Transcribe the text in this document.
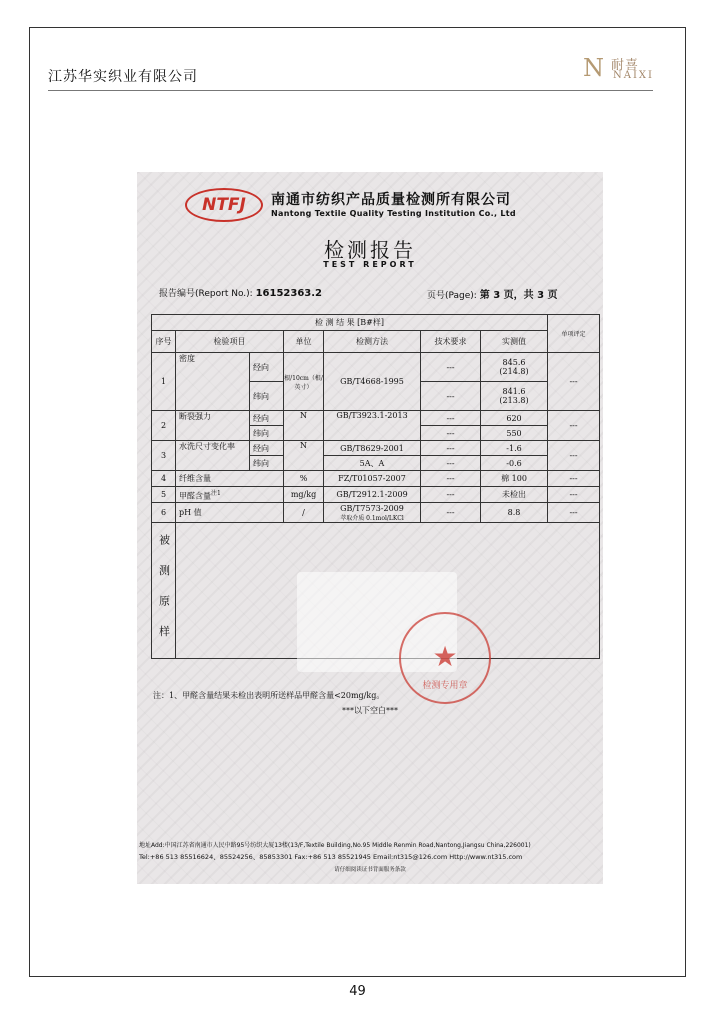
江苏华实织业有限公司	N 耐喜
NAIXI
NTFJ	南通市纺织产品质量检测所有限公司
Nantong Textile Quality Testing Institution Co., Ltd
检测报告
TEST REPORT
报告编号(Report No.): 16152363.2	页号(Page): 第 3 页，共 3 页
检 测 结 果 [B#样]							单项评定
序号	检验项目		单位	检测方法	技术要求	实测值	
1	密度	经向	根/10cm（根/英寸）	GB/T4668-1995	---	845.6
(214.8)	---
		纬向			---	841.6
(213.8)	
2	断裂强力	经向	N	GB/T3923.1-2013	---	620	---
		纬向			---	550	
3	水洗尺寸变化率	经向	N	GB/T8629-2001	---	-1.6	---
		纬向		5A、A	---	-0.6	
4	纤维含量		%	FZ/T01057-2007	---	棉 100	---
5	甲醛含量$^{注1}$		mg/kg	GB/T2912.1-2009	---	未检出	---
6	pH 值		/	GB/T7573-2009
萃取介质 0.1mol/LKCl	---	8.8	---
被 测 原 样							
★
检测专用章
注：1、甲醛含量结果未检出表明所送样品甲醛含量<20mg/kg。
***以下空白***
地址Add:中国江苏省南通市人民中路95号纺织大厦13楼(13/F,Textile Building,No.95 Middle Renmin Road,Nantong,Jiangsu China,226001)
Tel:+86 513 85516624、85524256、85853301 Fax:+86 513 85521945 Email:nt315@126.com Http://www.nt315.com
请仔细阅读证书背面服务条款
49
